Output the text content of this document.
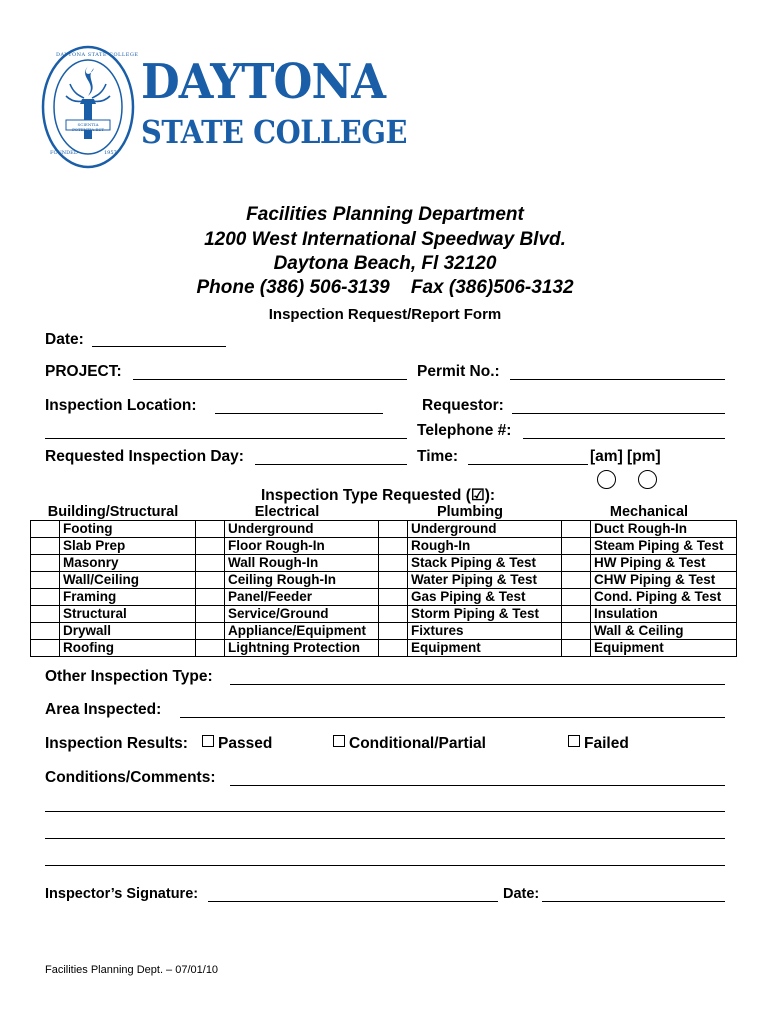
SCIENTIA POTENTIA EST
FOUNDED	1957
DAYTONA STATE COLLEGE DAYTONA
STATE COLLEGE
Facilities Planning Department
1200 West International Speedway Blvd.
Daytona Beach, Fl 32120
Phone (386) 506-3139    Fax (386)506-3132
Inspection Request/Report Form
Date:
PROJECT:	Permit No.:
Inspection Location:	Requestor:
Telephone #:
Requested Inspection Day:	Time:	[am] [pm]
Inspection Type Requested (☑):
Building/Structural		Electrical		Plumbing		Mechanical	
	Footing		Underground		Underground		Duct Rough-In
	Slab Prep		Floor Rough-In		Rough-In		Steam Piping & Test
	Masonry		Wall Rough-In		Stack Piping & Test		HW Piping & Test
	Wall/Ceiling		Ceiling Rough-In		Water Piping & Test		CHW Piping & Test
	Framing		Panel/Feeder		Gas Piping & Test		Cond. Piping & Test
	Structural		Service/Ground		Storm Piping & Test		Insulation
	Drywall		Appliance/Equipment		Fixtures		Wall & Ceiling
	Roofing		Lightning Protection		Equipment		Equipment
Other Inspection Type:
Area Inspected:
Inspection Results:	Passed	Conditional/Partial	Failed
Conditions/Comments:
Inspector’s Signature:	Date:
Facilities Planning Dept. – 07/01/10
